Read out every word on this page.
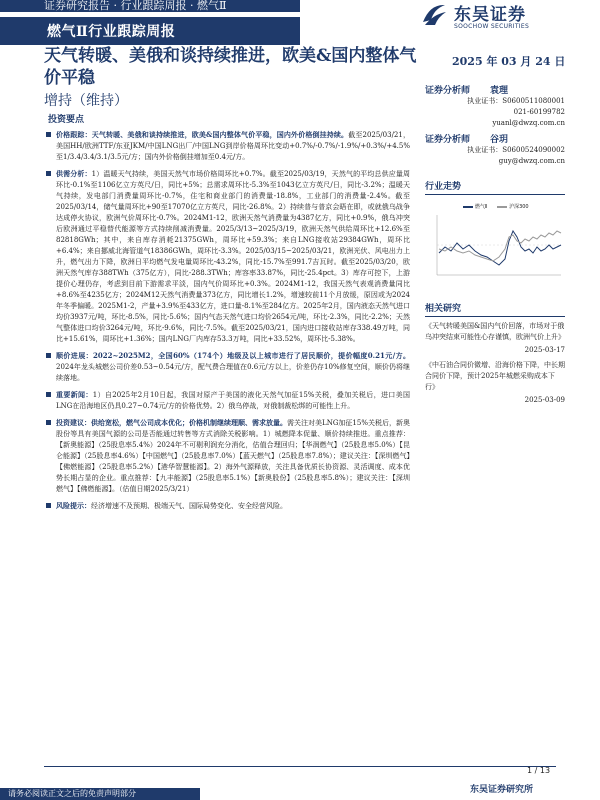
证券研究报告 · 行业跟踪周报 · 燃气Ⅱ
燃气Ⅱ行业跟踪周报
东吴证券
SOOCHOW SECURITIES
天气转暖、美俄和谈持续推进，欧美&国内整体气价平稳
2025 年 03 月 24 日
增持（维持）
投资要点
价格跟踪：天气转暖、美俄和谈持续推进，欧美&国内整体气价平稳，国内外价格倒挂持续。截至2025/03/21，美国HH/欧洲TTF/东亚JKM/中国LNG出厂/中国LNG到岸价格周环比变动+0.7%/-0.7%/-1.9%/+0.3%/+4.5%至1/3.4/3.4/3.1/3.5元/方；国内外价格倒挂增加至0.4元/方。
供需分析：1）温暖天气持续，美国天然气市场价格周环比+0.7%。截至2025/03/19，天然气的平均总供应量周环比-0.1%至1106亿立方英尺/日，同比+5%；总需求周环比-5.3%至1043亿立方英尺/日，同比-3.2%；温暖天气持续，发电部门消费量周环比-0.7%，住宅和商业部门的消费量-18.8%，工业部门的消费量-2.4%。截至2025/03/14，储气量周环比+90至17070亿立方英尺，同比-26.8%。2）持续普与普京会晤在即，或就俄乌战争达成停火协议，欧洲气价周环比-0.7%。2024M1-12，欧洲天然气消费量为4387亿方，同比+0.9%，俄乌冲突后欧洲通过平稳替代能源等方式持续削减消费量。2025/3/13~2025/3/19，欧洲天然气供给周环比+12.6%至82818GWh；其中，来自库存消耗21375GWh，周环比+59.3%；来自LNG接收站29384GWh，周环比+6.4%；来自挪威北海管道气18386GWh，周环比-3.3%。2025/03/15~2025/03/21，欧洲光伏、风电出力上升，燃气出力下降，欧洲日平均燃气发电量周环比-43.2%，同比-15.7%至991.7吉瓦时。截至2025/03/20，欧洲天然气库存388TWh（375亿方），同比-288.3TWh；库容率33.87%，同比-25.4pct。3）库存可控下，上游提价心理仍存，考虑到目前下游需求平淡，国内气价周环比+0.3%。2024M1-12，我国天然气表观消费量同比+8.6%至4235亿方；2024M12天然气消费量373亿方，同比增长1.2%，增速较前11个月放缓，原因或为2024年冬季偏暖。2025M1-2，产量+3.9%至433亿方，进口量-8.1%至284亿方。2025年2月，国内液态天然气进口均价3937元/吨，环比-8.5%，同比-5.6%；国内气态天然气进口均价2654元/吨，环比-2.3%，同比-2.2%；天然气整体进口均价3264元/吨，环比-9.6%，同比-7.5%。截至2025/03/21，国内进口接收站库存338.49万吨，同比+15.61%，周环比+1.36%；国内LNG厂内库存53.3万吨，同比+33.52%，周环比-5.38%。
顺价进展：2022~2025M2，全国60%（174个）地级及以上城市进行了居民顺价，提价幅度0.21元/方。2024年龙头城燃公司价差0.53~0.54元/方，配气费合理值在0.6元/方以上，价差仍存10%修复空间，顺价仍将继续落地。
重要新闻：1）自2025年2月10日起，我国对原产于美国的液化天然气加征15%关税，叠加关税后，进口美国LNG在沿海地区仍具0.27~0.74元/方的价格优势。2）俄乌停战，对俄制裁松绑的可能性上升。
投资建议：供给宽松，燃气公司成本优化；价格机制继续理顺、需求放量。需关注对美LNG加征15%关税后，新奥股份等具有美国气源的公司是否能通过转售等方式消除关税影响。1）城燃降本促量、顺价持续推进。重点推荐：【新奥能源】（25股息率5.4%）2024年不可剔利润充分消化，估值合理回归；【华润燃气】（25股息率5.0%）【昆仑能源】（25股息率4.6%）【中国燃气】（25股息率7.0%）【蓝天燃气】（25股息率7.8%）；建议关注：【深圳燃气】【佛燃能源】（25股息率5.2%）【港华智慧能源】。2）海外气源释放，关注具备优质长协资源、灵活调度、成本优势长期占显的企业。重点推荐：【九丰能源】（25股息率5.1%）【新奥股份】（25股息率5.8%）；建议关注：【深圳燃气】【佛燃能源】。（估值日期2025/3/21）
风险提示：经济增速不及预期、极端天气、国际局势变化、安全经营风险。
证券分析师 袁理
执业证书：S0600511080001
021-60199782
yuanl@dwzq.com.cn
证券分析师 谷玥
执业证书：S0600524090002
guy@dwzq.com.cn
行业走势
燃气Ⅱ	沪深300
相关研究
《天气转暖美国&国内气价回落，市场对于俄乌冲突结束可能性心存谨慎，欧洲气价上升》
2025-03-17
《中石油合同价微增、沿海价格下降，中长期合同价下降，预计2025年城燃采购成本下行》
2025-03-09
1 / 13
东吴证券研究所
请务必阅读正文之后的免责声明部分
